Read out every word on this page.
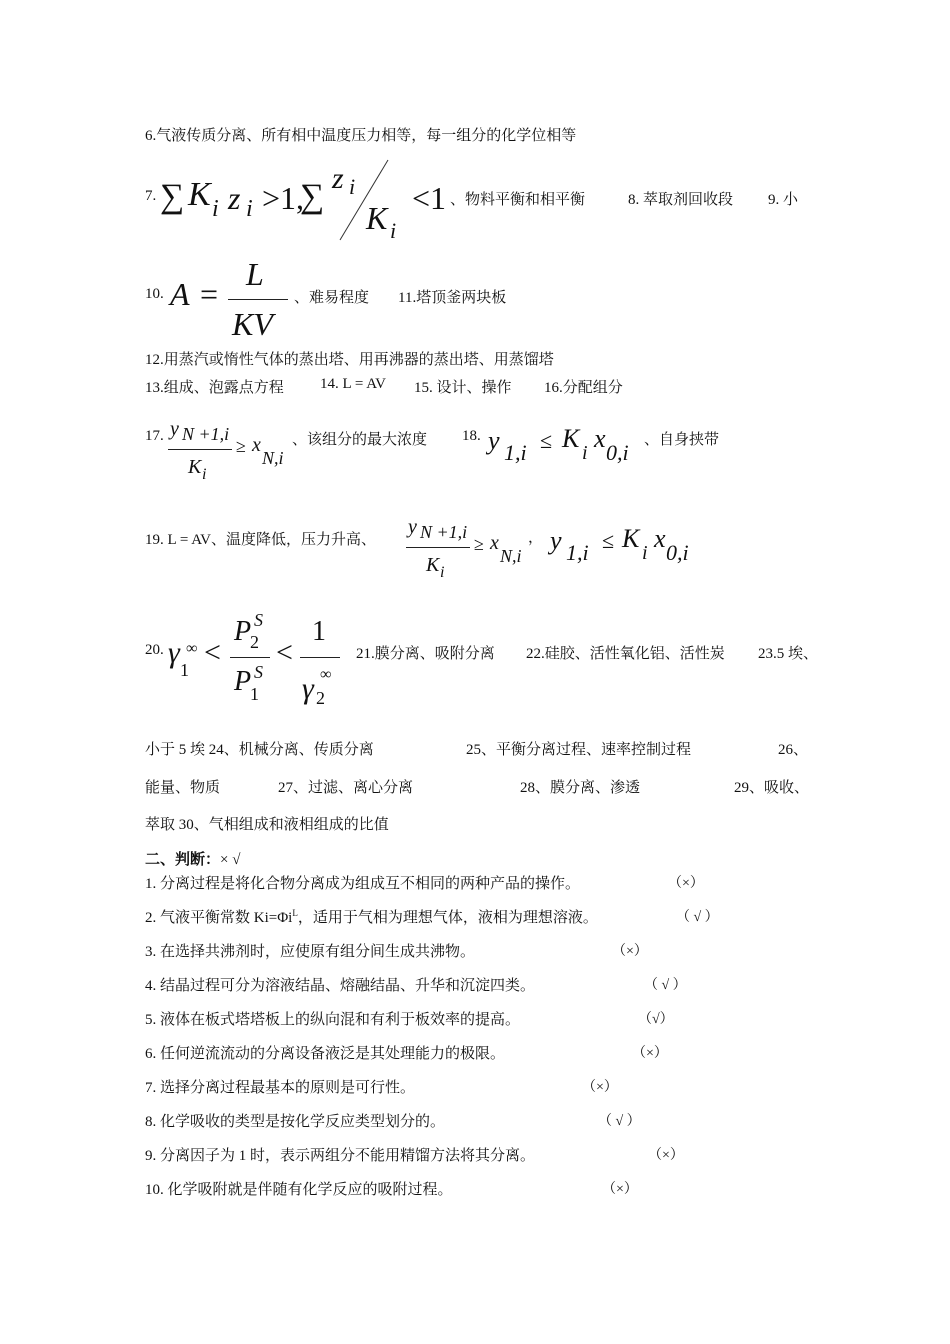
6.气液传质分离、所有相中温度压力相等，每一组分的化学位相等
7. ∑ K i z i >1,
∑ z i
K i
<1 、物料平衡和相平衡	8. 萃取剂回收段 9. 小
10. A =
L
KV
、难易程度 11.塔顶釜两块板
12.用蒸汽或惰性气体的蒸出塔、用再沸器的蒸出塔、用蒸馏塔
13.组成、泡露点方程 14. L = AV 15. 设计、操作 16.分配组分
17. y N +1,i
K i
≥ x
N,i
、该组分的最大浓度 18. y 1,i ≤ K i x 0,i 、自身挟带
19. L = AV、温度降低，压力升高、
y N +1,i
K i
≥ x
N,i
， y 1,i ≤ K i x 0,i
20. γ ∞
1
<
P S
2
P S
1
<
1
γ ∞
2
21.膜分离、吸附分离 22.硅胶、活性氧化铝、活性炭 23.5 埃、
小于 5 埃 24、机械分离、传质分离	25、平衡分离过程、速率控制过程	26、
能量、物质	27、过滤、离心分离	28、膜分离、渗透	29、吸收、
萃取 30、气相组成和液相组成的比值
二、判断：× √
1. 分离过程是将化合物分离成为组成互不相同的两种产品的操作。	（×）
2. 气液平衡常数 $Ki=\Phi i^L$，适用于气相为理想气体，液相为理想溶液。	（ √ ）
3. 在选择共沸剂时，应使原有组分间生成共沸物。	（×）
4. 结晶过程可分为溶液结晶、熔融结晶、升华和沉淀四类。	（ √ ）
5. 液体在板式塔塔板上的纵向混和有利于板效率的提高。	（√）
6. 任何逆流流动的分离设备液泛是其处理能力的极限。	（×）
7. 选择分离过程最基本的原则是可行性。	（×）
8. 化学吸收的类型是按化学反应类型划分的。	（ √ ）
9. 分离因子为 1 时，表示两组分不能用精馏方法将其分离。	（×）
10. 化学吸附就是伴随有化学反应的吸附过程。	（×）
